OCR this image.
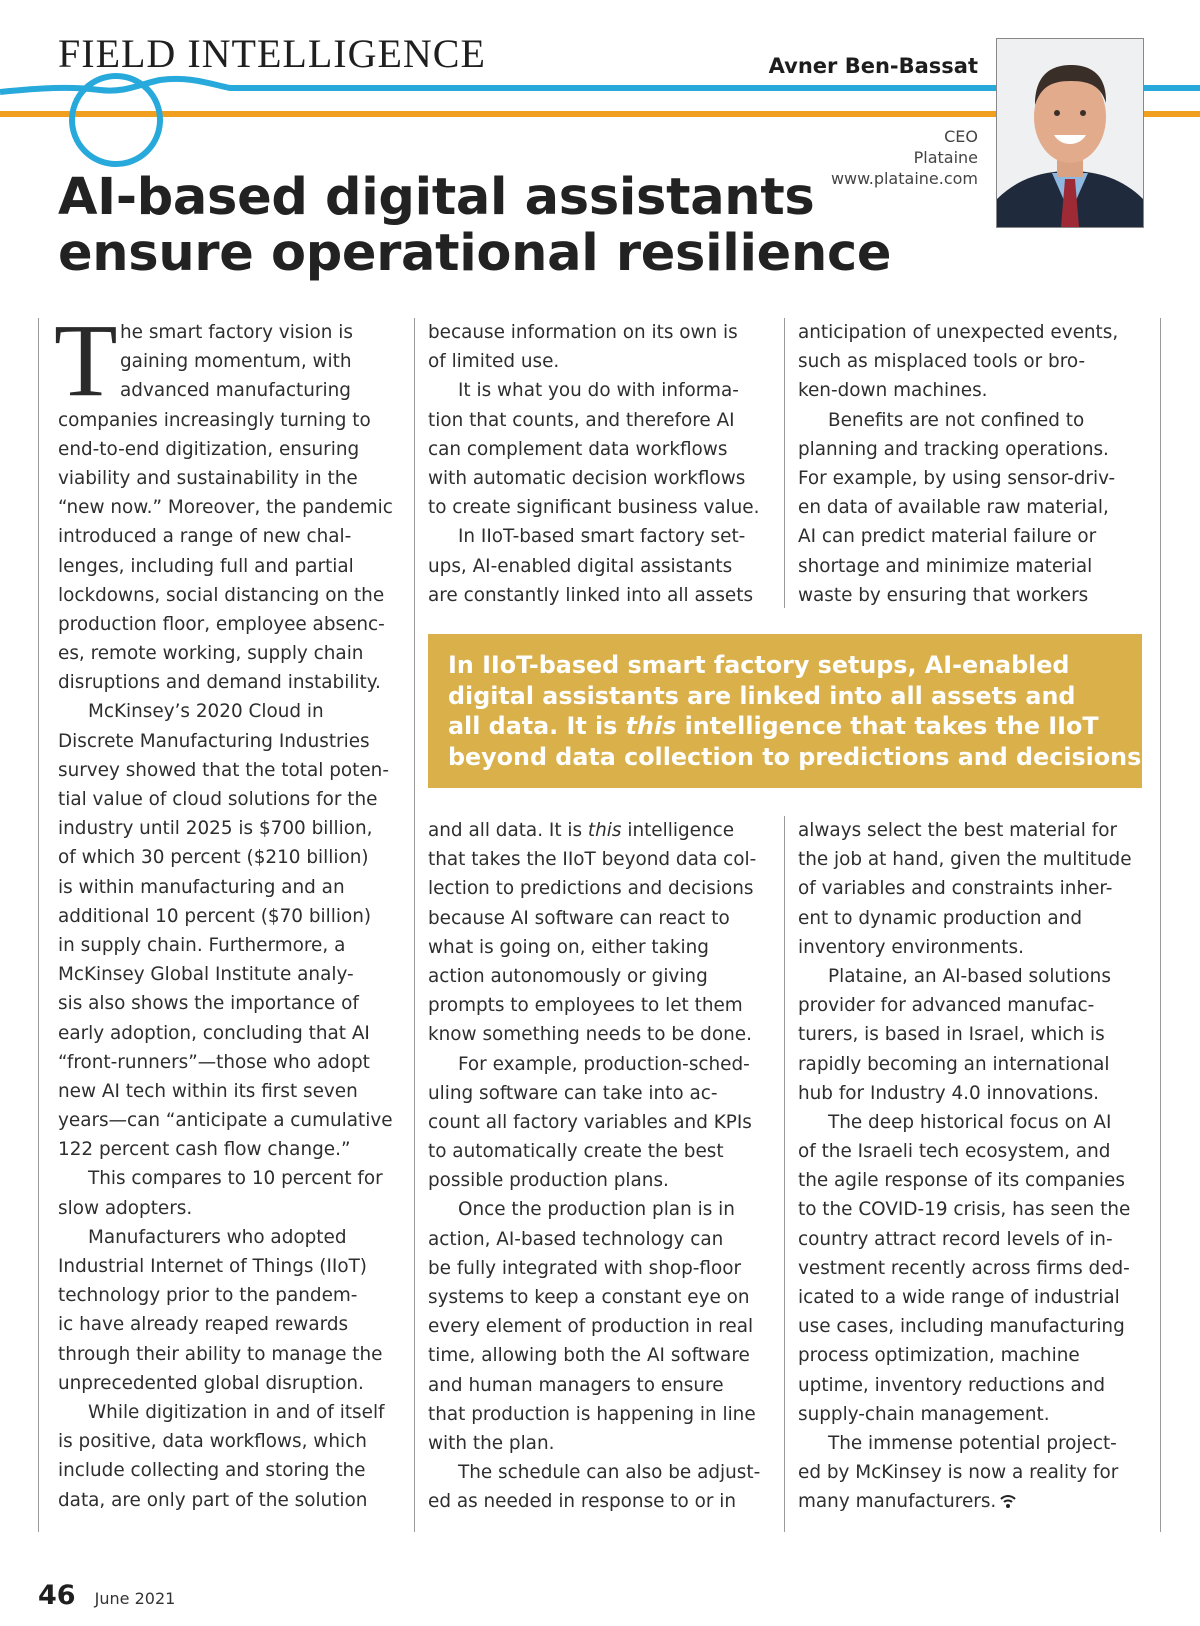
FIELD INTELLIGENCE	Avner Ben-Bassat
CEO
Plataine
www.plataine.com
AI-based digital assistants
ensure operational resilience
T he smart factory vision is
gaining momentum, with
advanced manufacturing
companies increasingly turning to
end-to-end digitization, ensuring
viability and sustainability in the
“new now.” Moreover, the pandemic
introduced a range of new chal-
lenges, including full and partial
lockdowns, social distancing on the
production floor, employee absenc-
es, remote working, supply chain
disruptions and demand instability.
McKinsey’s 2020 Cloud in
Discrete Manufacturing Industries
survey showed that the total poten-
tial value of cloud solutions for the
industry until 2025 is $700 billion,
of which 30 percent ($210 billion)
is within manufacturing and an
additional 10 percent ($70 billion)
in supply chain. Furthermore, a
McKinsey Global Institute analy-
sis also shows the importance of
early adoption, concluding that AI
“front-runners”—those who adopt
new AI tech within its first seven
years—can “anticipate a cumulative
122 percent cash flow change.”
This compares to 10 percent for
slow adopters.
Manufacturers who adopted
Industrial Internet of Things (IIoT)
technology prior to the pandem-
ic have already reaped rewards
through their ability to manage the
unprecedented global disruption.
While digitization in and of itself
is positive, data workflows, which
include collecting and storing the
data, are only part of the solution
because information on its own is
of limited use.
It is what you do with informa-
tion that counts, and therefore AI
can complement data workflows
with automatic decision workflows
to create significant business value.
In IIoT-based smart factory set-
ups, AI-enabled digital assistants
are constantly linked into all assets
anticipation of unexpected events,
such as misplaced tools or bro-
ken-down machines.
Benefits are not confined to
planning and tracking operations.
For example, by using sensor-driv-
en data of available raw material,
AI can predict material failure or
shortage and minimize material
waste by ensuring that workers
In IIoT-based smart factory setups, AI-enabled
digital assistants are linked into all assets and
all data. It is this intelligence that takes the IIoT
beyond data collection to predictions and decisions.
and all data. It is this intelligence
that takes the IIoT beyond data col-
lection to predictions and decisions
because AI software can react to
what is going on, either taking
action autonomously or giving
prompts to employees to let them
know something needs to be done.
For example, production-sched-
uling software can take into ac-
count all factory variables and KPIs
to automatically create the best
possible production plans.
Once the production plan is in
action, AI-based technology can
be fully integrated with shop-floor
systems to keep a constant eye on
every element of production in real
time, allowing both the AI software
and human managers to ensure
that production is happening in line
with the plan.
The schedule can also be adjust-
ed as needed in response to or in
always select the best material for
the job at hand, given the multitude
of variables and constraints inher-
ent to dynamic production and
inventory environments.
Plataine, an AI-based solutions
provider for advanced manufac-
turers, is based in Israel, which is
rapidly becoming an international
hub for Industry 4.0 innovations.
The deep historical focus on AI
of the Israeli tech ecosystem, and
the agile response of its companies
to the COVID-19 crisis, has seen the
country attract record levels of in-
vestment recently across firms ded-
icated to a wide range of industrial
use cases, including manufacturing
process optimization, machine
uptime, inventory reductions and
supply-chain management.
The immense potential project-
ed by McKinsey is now a reality for
many manufacturers.
46 June 2021
